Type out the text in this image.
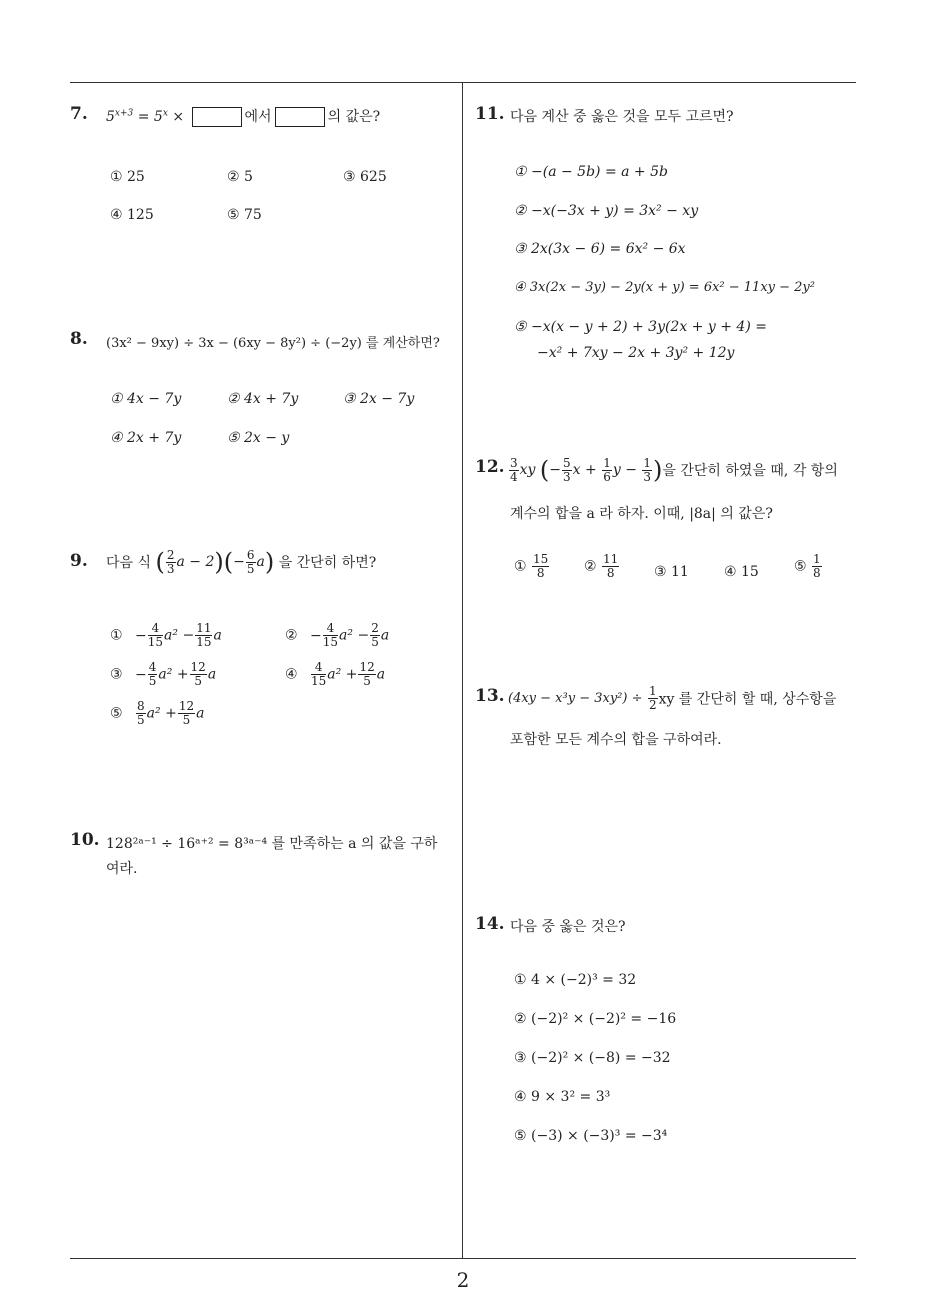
7. $5^{x+3} = 5^x$ ×	에서	의 값은?
① 25	② 5	③ 625
④ 125	⑤ 75
8. (3x² − 9xy) ÷ 3x − (6xy − 8y²) ÷ (−2y) 를 계산하면?
① 4x − 7y	② 4x + 7y	③ 2x − 7y
④ 2x + 7y	⑤ 2x − y
9. 다음 식 ( $\frac{2}{3}$ $a - 2)(- \frac{6}{5} a)$ 을 간단히 하면?
① − $\frac{4}{15} a^2 - \frac{11}{15}$ a	② − $\frac{4}{15} a^2 - \frac{2}{5}$ a
③ − $\frac{4}{5} a^2 + \frac{12}{5}$ a	④ $\frac{4}{15} a^2 + \frac{12}{5}$ a
⑤ $\frac{8}{5} a^2 + \frac{12}{5}$ a
10. 128²ᵃ⁻¹ ÷ 16ᵃ⁺² = 8³ᵃ⁻⁴ 를 만족하는 a 의 값을 구하
여라.
11. 다음 계산 중 옳은 것을 모두 고르면?
① −(a − 5b) = a + 5b
② −x(−3x + y) = 3x² − xy
③ 2x(3x − 6) = 6x² − 6x
④ 3x(2x − 3y) − 2y(x + y) = 6x² − 11xy − 2y²
⑤ −x(x − y + 2) + 3y(2x + y + 4) =
−x² + 7xy − 2x + 3y² + 12y
12. $\frac{3}{4}$ xy (− $\frac{5}{3}$ $x + \frac{1}{6}$ $y - \frac{1}{3}$ )을 간단히 하였을 때, 각 항의
계수의 합을 a 라 하자. 이때, |8a| 의 값은?
① $\frac{15}{8}$ ② $\frac{11}{8}$ ③ 11	④ 15	⑤ $\frac{1}{8}$
13. $(4xy - x^3y - 3xy^2) \div \frac{1}{2}$ xy 를 간단히 할 때, 상수항을
포함한 모든 계수의 합을 구하여라.
14. 다음 중 옳은 것은?
① 4 × (−2)³ = 32
② (−2)² × (−2)² = −16
③ (−2)² × (−8) = −32
④ 9 × 3² = 3³
⑤ (−3) × (−3)³ = −3⁴
2
